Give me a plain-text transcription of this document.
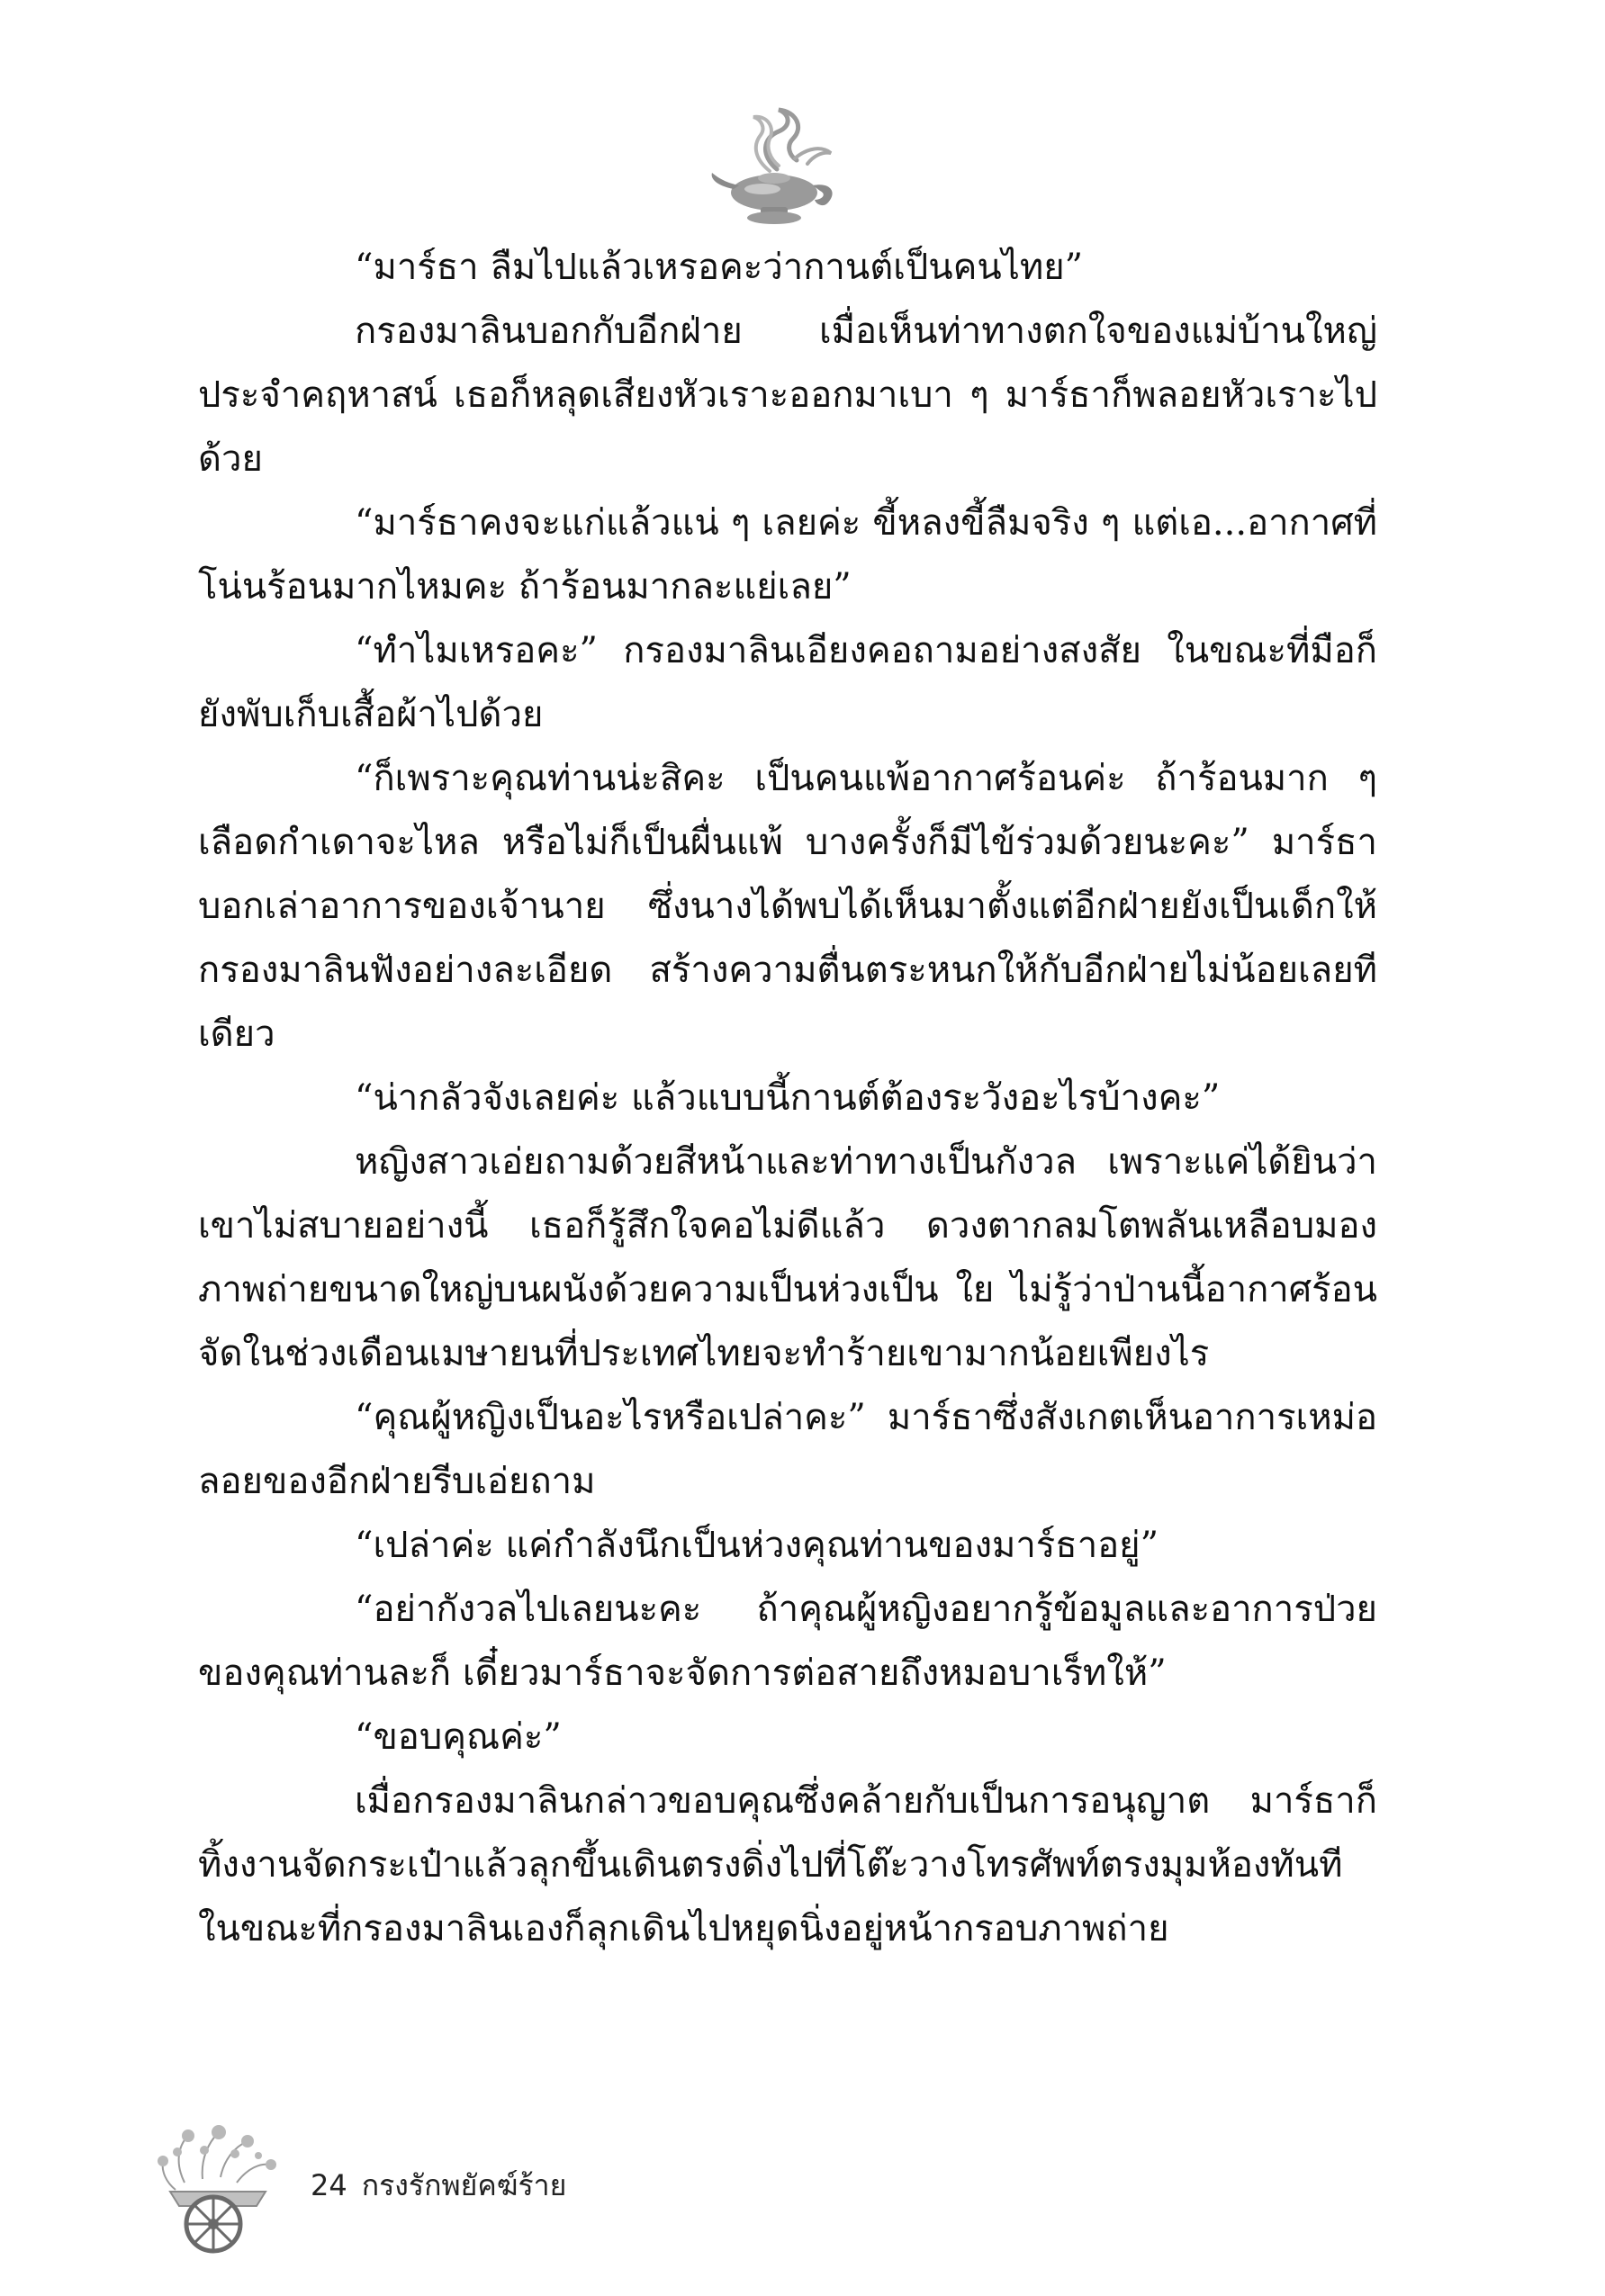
“มาร์ธา ลืมไปแล้วเหรอคะว่ากานต์เป็นคนไทย”

กรองมาลินบอกกับอีกฝ่าย เมื่อเห็นท่าทางตกใจของแม่บ้านใหญ่ประจำคฤหาสน์ เธอก็หลุดเสียงหัวเราะออกมาเบา ๆ มาร์ธาก็พลอยหัวเราะไปด้วย

“มาร์ธาคงจะแก่แล้วแน่ ๆ เลยค่ะ ขี้หลงขี้ลืมจริง ๆ แต่เอ...อากาศที่โน่นร้อนมากไหมคะ ถ้าร้อนมากละแย่เลย”

“ทำไมเหรอคะ” กรองมาลินเอียงคอถามอย่างสงสัย ในขณะที่มือก็ยังพับเก็บเสื้อผ้าไปด้วย

“ก็เพราะคุณท่านน่ะสิคะ เป็นคนแพ้อากาศร้อนค่ะ ถ้าร้อนมาก ๆ เลือดกำเดาจะไหล หรือไม่ก็เป็นผื่นแพ้ บางครั้งก็มีไข้ร่วมด้วยนะคะ” มาร์ธาบอกเล่าอาการของเจ้านาย ซึ่งนางได้พบได้เห็นมาตั้งแต่อีกฝ่ายยังเป็นเด็กให้กรองมาลินฟังอย่างละเอียด สร้างความตื่นตระหนกให้กับอีกฝ่ายไม่น้อยเลยทีเดียว

“น่ากลัวจังเลยค่ะ แล้วแบบนี้กานต์ต้องระวังอะไรบ้างคะ”

หญิงสาวเอ่ยถามด้วยสีหน้าและท่าทางเป็นกังวล เพราะแค่ได้ยินว่าเขาไม่สบายอย่างนี้ เธอก็รู้สึกใจคอไม่ดีแล้ว ดวงตากลมโตพลันเหลือบมองภาพถ่ายขนาดใหญ่บนผนังด้วยความเป็นห่วงเป็น ใย ไม่รู้ว่าป่านนี้อากาศร้อนจัดในช่วงเดือนเมษายนที่ประเทศไทยจะทำร้ายเขามากน้อยเพียงไร

“คุณผู้หญิงเป็นอะไรหรือเปล่าคะ” มาร์ธาซึ่งสังเกตเห็นอาการเหม่อลอยของอีกฝ่ายรีบเอ่ยถาม

“เปล่าค่ะ แค่กำลังนึกเป็นห่วงคุณท่านของมาร์ธาอยู่”

“อย่ากังวลไปเลยนะคะ ถ้าคุณผู้หญิงอยากรู้ข้อมูลและอาการป่วยของคุณท่านละก็ เดี๋ยวมาร์ธาจะจัดการต่อสายถึงหมอบาเร็ทให้”

“ขอบคุณค่ะ”

เมื่อกรองมาลินกล่าวขอบคุณซึ่งคล้ายกับเป็นการอนุญาต มาร์ธาก็ทิ้งงานจัดกระเป๋าแล้วลุกขึ้นเดินตรงดิ่งไปที่โต๊ะวางโทรศัพท์ตรงมุมห้องทันที ในขณะที่กรองมาลินเองก็ลุกเดินไปหยุดนิ่งอยู่หน้ากรอบภาพถ่าย

24 กรงรักพยัคฆ์ร้าย
